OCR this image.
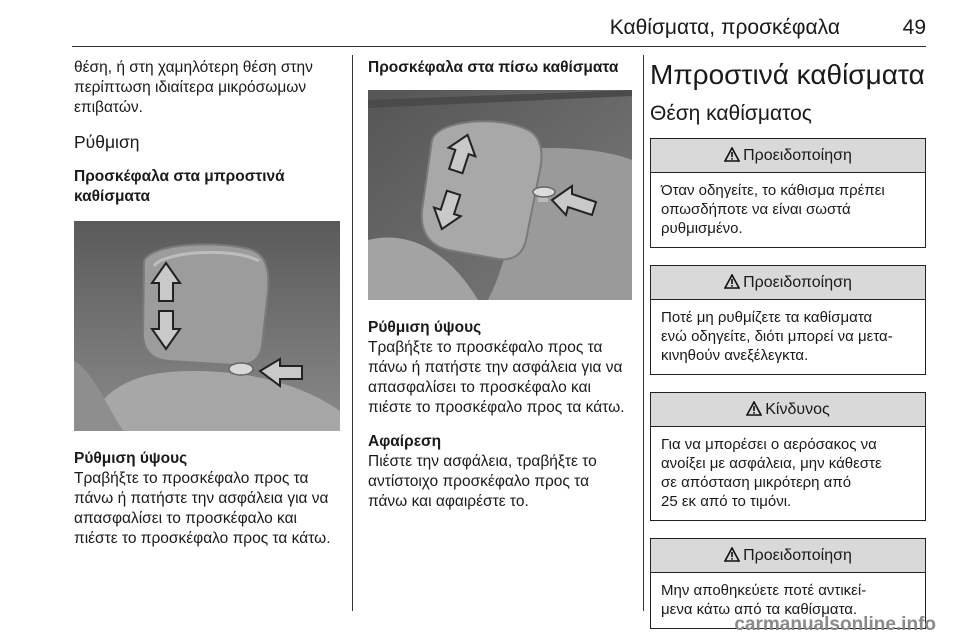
Καθίσματα, προσκέφαλα	49

θέση, ή στη χαμηλότερη θέση στην

περίπτωση ιδιαίτερα μικρόσωμων

επιβατών.

Ρύθμιση
Προσκέφαλα στα μπροστινά
καθίσματα
Ρύθμιση ύψους

Τραβήξτε το προσκέφαλο προς τα

πάνω ή πατήστε την ασφάλεια για να

απασφαλίσει το προσκέφαλο και

πιέστε το προσκέφαλο προς τα κάτω.

Προσκέφαλα στα πίσω καθίσματα
Ρύθμιση ύψους

Τραβήξτε το προσκέφαλο προς τα

πάνω ή πατήστε την ασφάλεια για να

απασφαλίσει το προσκέφαλο και

πιέστε το προσκέφαλο προς τα κάτω.

Αφαίρεση

Πιέστε την ασφάλεια, τραβήξτε το

αντίστοιχο προσκέφαλο προς τα

πάνω και αφαιρέστε το.

Μπροστινά καθίσματα
Θέση καθίσματος
Προειδοποίηση

Όταν οδηγείτε, το κάθισμα πρέπει

οπωσδήποτε να είναι σωστά

ρυθμισμένο.

Προειδοποίηση

Ποτέ μη ρυθμίζετε τα καθίσματα

ενώ οδηγείτε, διότι μπορεί να μετα-

κινηθούν ανεξέλεγκτα.

Κίνδυνος

Για να μπορέσει ο αερόσακος να

ανοίξει με ασφάλεια, μην κάθεστε

σε απόσταση μικρότερη από

25 εκ από το τιμόνι.

Προειδοποίηση

Μην αποθηκεύετε ποτέ αντικεί-

μενα κάτω από τα καθίσματα.

carmanualsonline.info
